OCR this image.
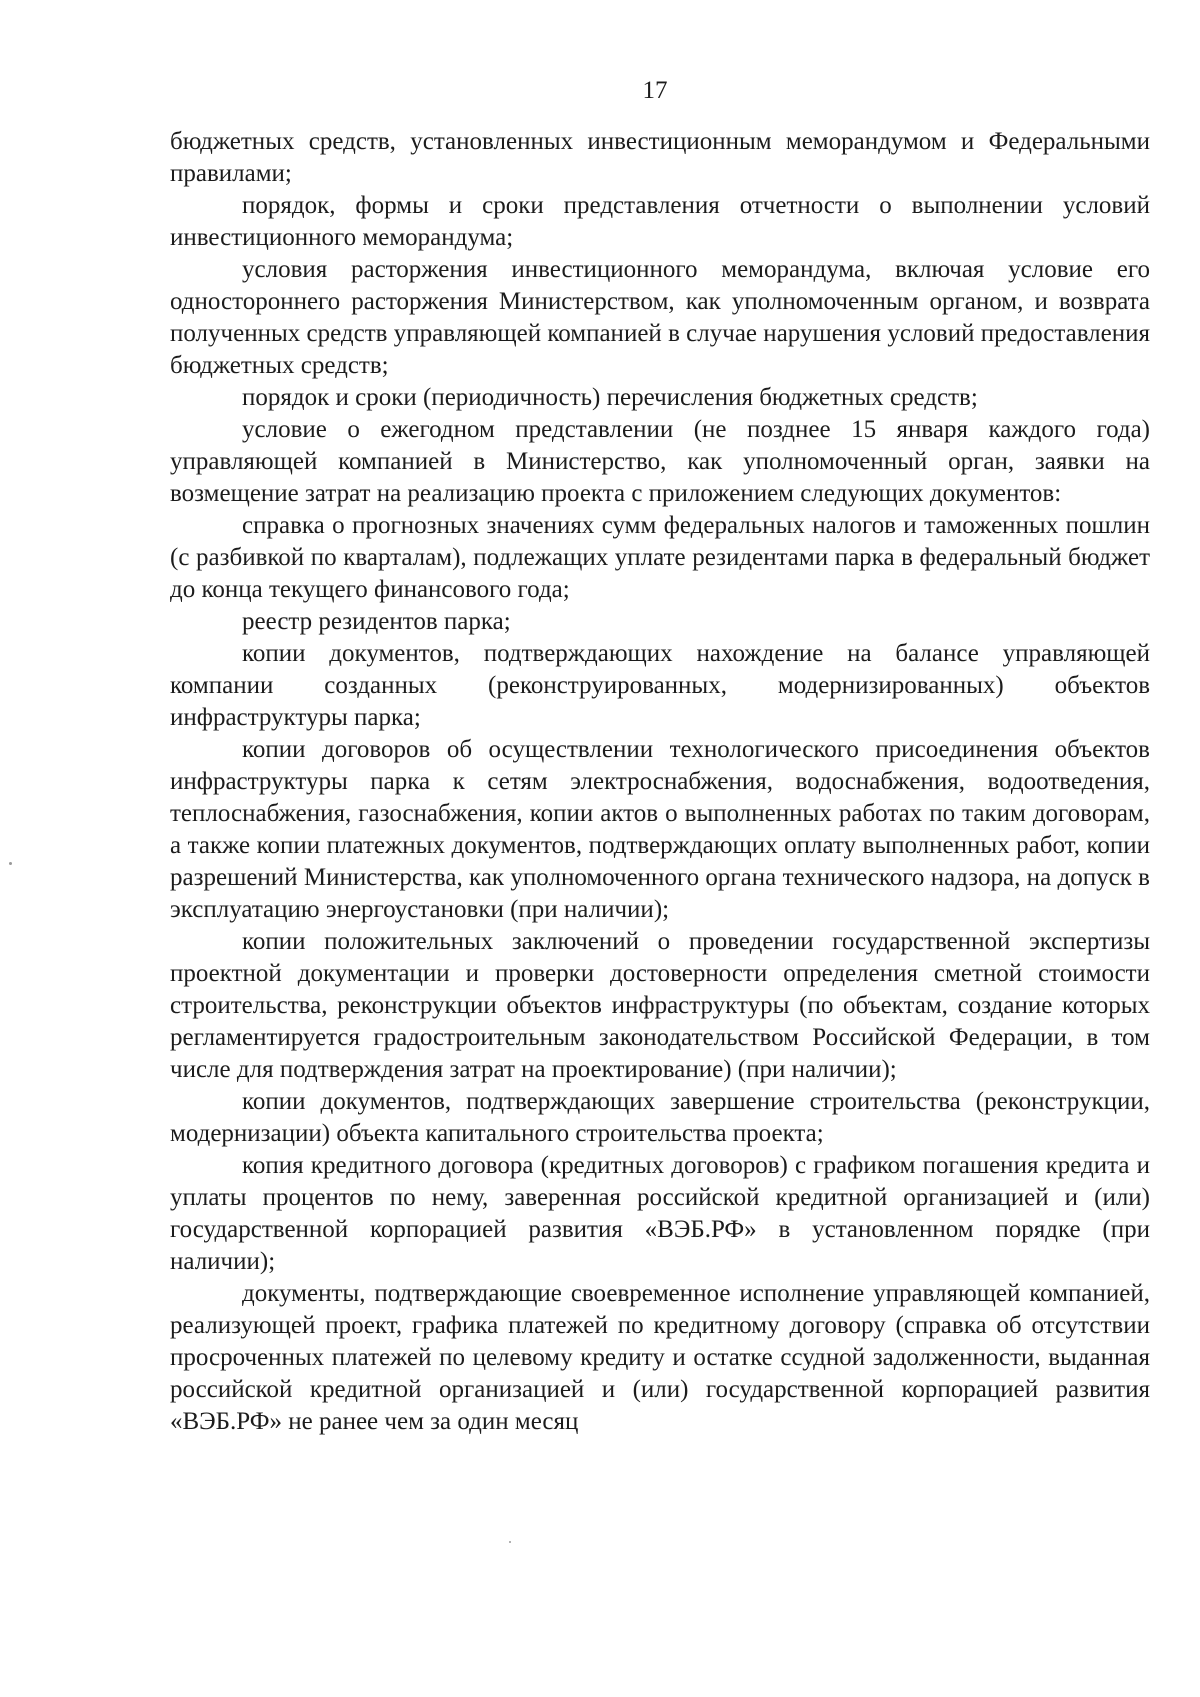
17

бюджетных средств, установленных инвестиционным меморандумом и Федеральными правилами;

порядок, формы и сроки представления отчетности о выполнении условий инвестиционного меморандума;

условия расторжения инвестиционного меморандума, включая условие его одностороннего расторжения Министерством, как уполномоченным органом, и возврата полученных средств управляющей компанией в случае нарушения условий предоставления бюджетных средств;

порядок и сроки (периодичность) перечисления бюджетных средств;

условие о ежегодном представлении (не позднее 15 января каждого года) управляющей компанией в Министерство, как уполномоченный орган, заявки на возмещение затрат на реализацию проекта с приложением следующих документов:

справка о прогнозных значениях сумм федеральных налогов и таможенных пошлин (с разбивкой по кварталам), подлежащих уплате резидентами парка в федеральный бюджет до конца текущего финансового года;

реестр резидентов парка;

копии документов, подтверждающих нахождение на балансе управляющей компании созданных (реконструированных, модернизированных) объектов инфраструктуры парка;

копии договоров об осуществлении технологического присоединения объектов инфраструктуры парка к сетям электроснабжения, водоснабжения, водоотведения, теплоснабжения, газоснабжения, копии актов о выполненных работах по таким договорам, а также копии платежных документов, подтверждающих оплату выполненных работ, копии разрешений Министерства, как уполномоченного органа технического надзора, на допуск в эксплуатацию энергоустановки (при наличии);

копии положительных заключений о проведении государственной экспертизы проектной документации и проверки достоверности определения сметной стоимости строительства, реконструкции объектов инфраструктуры (по объектам, создание которых регламентируется градостроительным законодательством Российской Федерации, в том числе для подтверждения затрат на проектирование) (при наличии);

копии документов, подтверждающих завершение строительства (реконструкции, модернизации) объекта капитального строительства проекта;

копия кредитного договора (кредитных договоров) с графиком погашения кредита и уплаты процентов по нему, заверенная российской кредитной организацией и (или) государственной корпорацией развития «ВЭБ.РФ» в установленном порядке (при наличии);

документы, подтверждающие своевременное исполнение управляющей компанией, реализующей проект, графика платежей по кредитному договору (справка об отсутствии просроченных платежей по целевому кредиту и остатке ссудной задолженности, выданная российской кредитной организацией и (или) государственной корпорацией развития «ВЭБ.РФ» не ранее чем за один месяц
